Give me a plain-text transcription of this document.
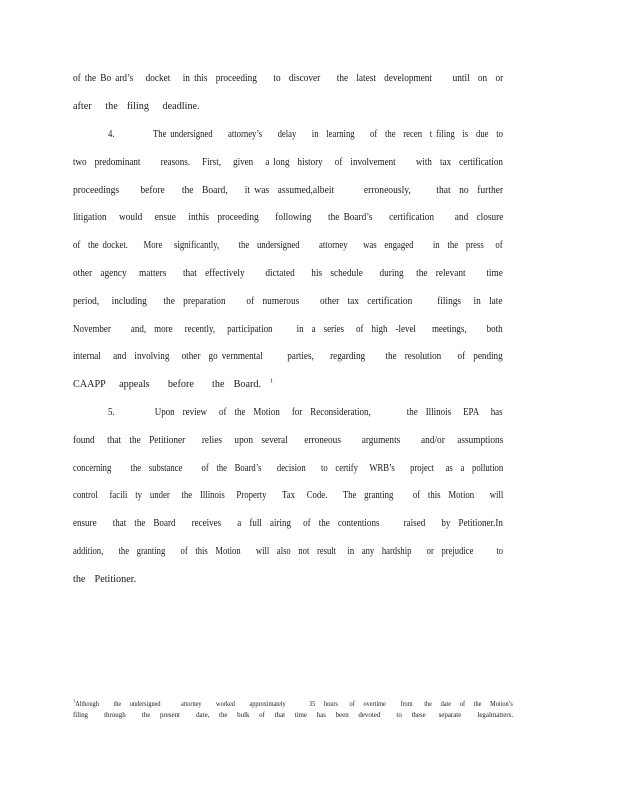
of the Bo ard’s   docket   in this  proceeding    to  discover    the  latest  development     until  on  or
after   the  filing   deadline.
4.          The undersigned    attorney’s    delay    in  learning    of  the  recen  t filing  is  due  to
two  predominant     reasons.   First,   given   a long  history   of  involvement     with  tax  certification
proceedings     before    the  Board,    it was  assumed,albeit       erroneously,      that  no  further
litigation   would   ensue   inthis  proceeding    following    the Board’s    certification     and  closure
of  the docket.    More   significantly,     the  undersigned     attorney    was  engaged     in  the  press   of
other  agency   matters    that  effectively     dictated    his  schedule    during   the  relevant     time
period,   including    the  preparation     of  numerous     other  tax  certification      filings   in  late
November     and,  more   recently,   participation      in  a  series   of  high  -level    meetings,     both
internal   and  involving   other  go vernmental      parties,    regarding     the  resolution    of  pending
CAAPP   appeals    before    the  Board. $^1$
5.          Upon  review   of  the  Motion   for  Reconsideration,         the  Illinois   EPA   has
found   that  the  Petitioner    relies   upon  several    erroneous     arguments     and/or   assumptions
concerning     the  substance     of  the  Board’s    decision    to  certify   WRB’s    project   as  a  pollution
control   facili  ty  under   the  Illinois   Property    Tax   Code.    The  granting     of  this  Motion    will
ensure    that  the  Board    receives    a  full  airing   of  the  contentions      raised    by  Petitioner.In
addition,    the  granting    of  this  Motion    will  also  not  result   in  any  hardship    or  prejudice      to
the  Petitioner.
$^1$Although     the   undersigned       attorney     worked     approximately        35   hours    of   overtime     from    the   date   of   the   Motion’s
filing     through     the   present     date,   the   bulk   of   that   time   has   been   devoted     to   these    separate     legalmatters.
